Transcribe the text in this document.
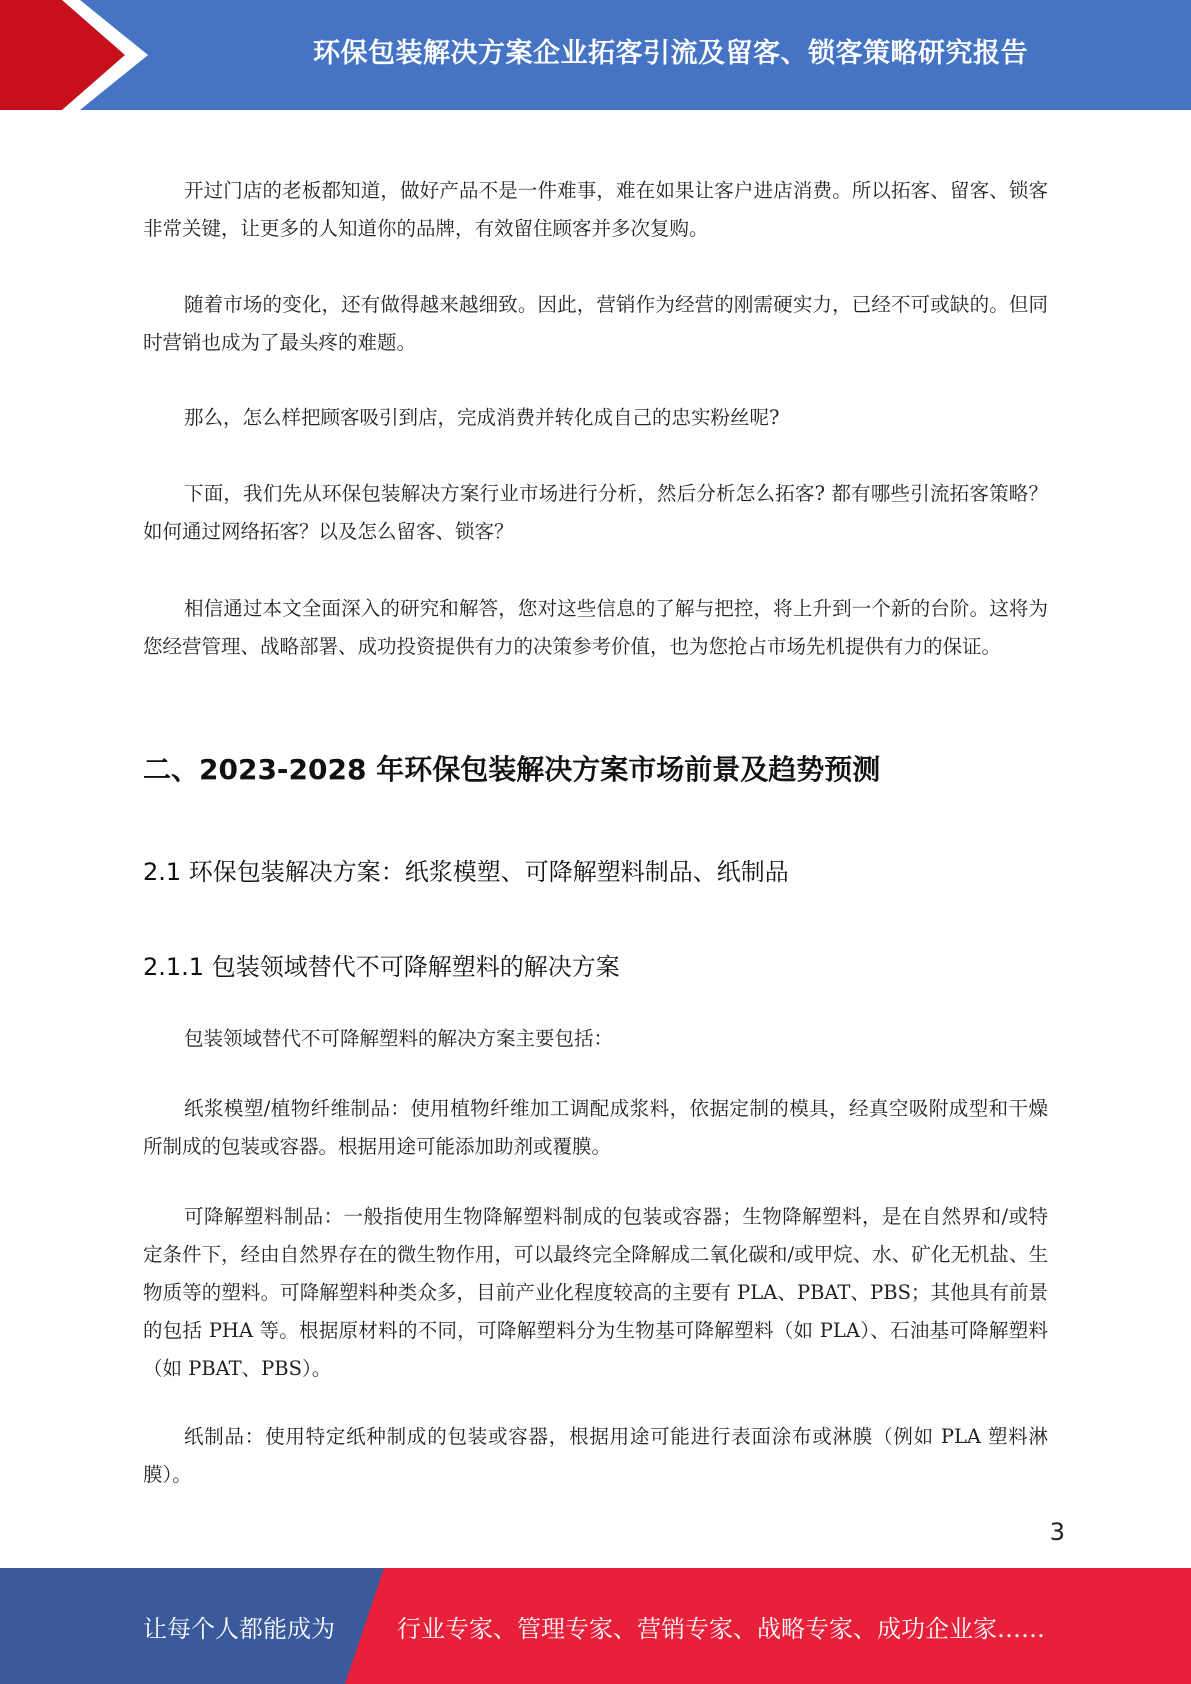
环保包装解决方案企业拓客引流及留客、锁客策略研究报告

开过门店的老板都知道，做好产品不是一件难事，难在如果让客户进店消费。所以拓客、留客、锁客非常关键，让更多的人知道你的品牌，有效留住顾客并多次复购。

随着市场的变化，还有做得越来越细致。因此，营销作为经营的刚需硬实力，已经不可或缺的。但同时营销也成为了最头疼的难题。

那么，怎么样把顾客吸引到店，完成消费并转化成自己的忠实粉丝呢?

下面，我们先从环保包装解决方案行业市场进行分析，然后分析怎么拓客? 都有哪些引流拓客策略？如何通过网络拓客？以及怎么留客、锁客？

相信通过本文全面深入的研究和解答，您对这些信息的了解与把控，将上升到一个新的台阶。这将为您经营管理、战略部署、成功投资提供有力的决策参考价值，也为您抢占市场先机提供有力的保证。

二、2023-2028 年环保包装解决方案市场前景及趋势预测
2.1 环保包装解决方案：纸浆模塑、可降解塑料制品、纸制品
2.1.1 包装领域替代不可降解塑料的解决方案

包装领域替代不可降解塑料的解决方案主要包括：

纸浆模塑/植物纤维制品：使用植物纤维加工调配成浆料，依据定制的模具，经真空吸附成型和干燥所制成的包装或容器。根据用途可能添加助剂或覆膜。

可降解塑料制品：一般指使用生物降解塑料制成的包装或容器；生物降解塑料，是在自然界和/或特定条件下，经由自然界存在的微生物作用，可以最终完全降解成二氧化碳和/或甲烷、水、矿化无机盐、生物质等的塑料。可降解塑料种类众多，目前产业化程度较高的主要有 PLA、PBAT、PBS；其他具有前景的包括 PHA 等。根据原材料的不同，可降解塑料分为生物基可降解塑料（如 PLA）、石油基可降解塑料（如 PBAT、PBS）。

纸制品：使用特定纸种制成的包装或容器，根据用途可能进行表面涂布或淋膜（例如 PLA 塑料淋膜）。

3
让每个人都能成为	行业专家、管理专家、营销专家、战略专家、成功企业家……
